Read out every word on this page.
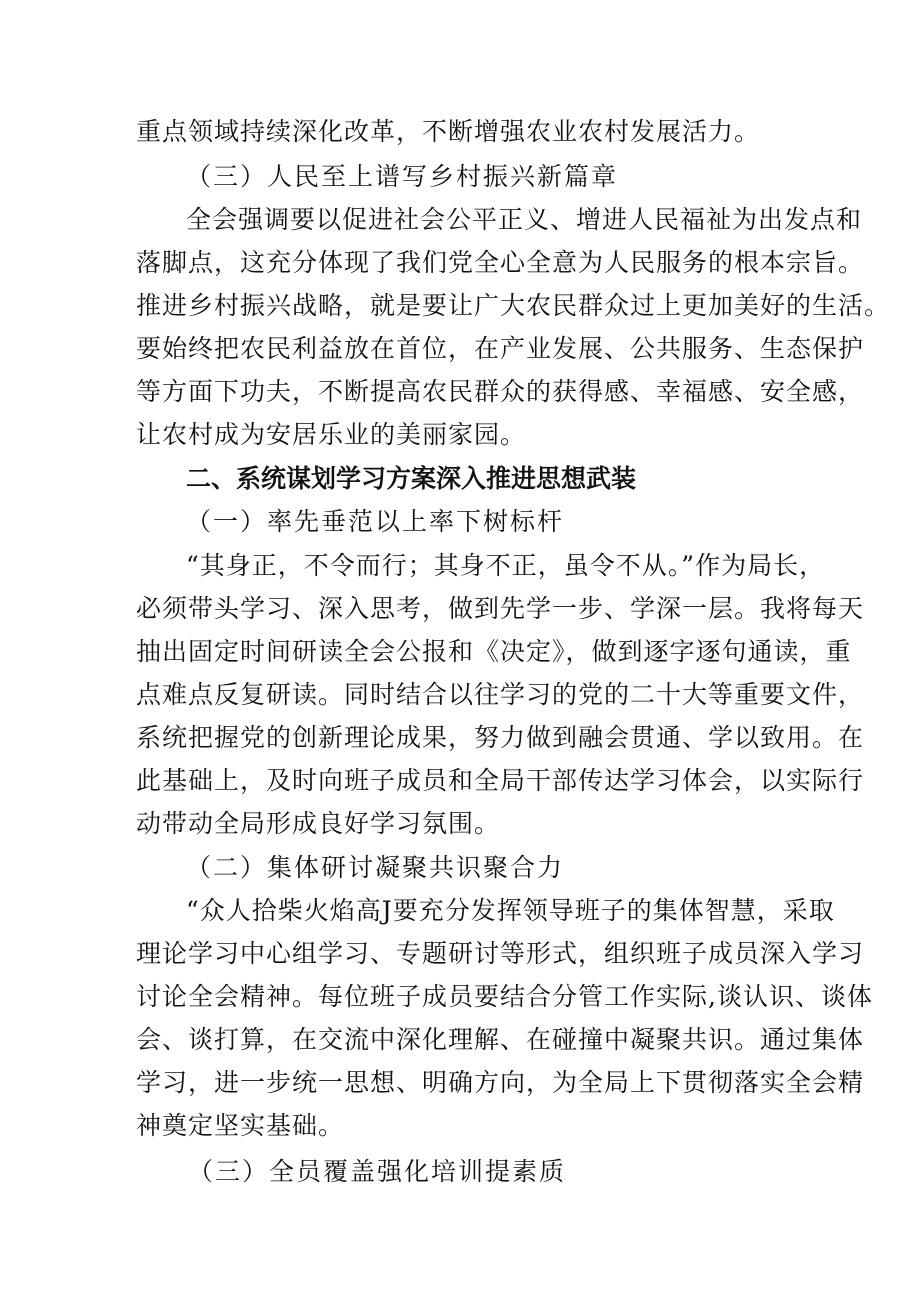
重点领域持续深化改革，不断增强农业农村发展活力。
（三）人民至上谱写乡村振兴新篇章
全会强调要以促进社会公平正义、增进人民福祉为出发点和
落脚点，这充分体现了我们党全心全意为人民服务的根本宗旨。
推进乡村振兴战略，就是要让广大农民群众过上更加美好的生活。
要始终把农民利益放在首位，在产业发展、公共服务、生态保护
等方面下功夫，不断提高农民群众的获得感、幸福感、安全感，
让农村成为安居乐业的美丽家园。
二、系统谋划学习方案深入推进思想武装
（一）率先垂范以上率下树标杆
“其身正，不令而行；其身不正，虽令不从。”作为局长，
必须带头学习、深入思考，做到先学一步、学深一层。我将每天
抽出固定时间研读全会公报和《决定》，做到逐字逐句通读，重
点难点反复研读。同时结合以往学习的党的二十大等重要文件，
系统把握党的创新理论成果，努力做到融会贯通、学以致用。在
此基础上，及时向班子成员和全局干部传达学习体会，以实际行
动带动全局形成良好学习氛围。
（二）集体研讨凝聚共识聚合力
“众人拾柴火焰高J要充分发挥领导班子的集体智慧，采取
理论学习中心组学习、专题研讨等形式，组织班子成员深入学习
讨论全会精神。每位班子成员要结合分管工作实际,谈认识、谈体
会、谈打算，在交流中深化理解、在碰撞中凝聚共识。通过集体
学习，进一步统一思想、明确方向，为全局上下贯彻落实全会精
神奠定坚实基础。
（三）全员覆盖强化培训提素质
